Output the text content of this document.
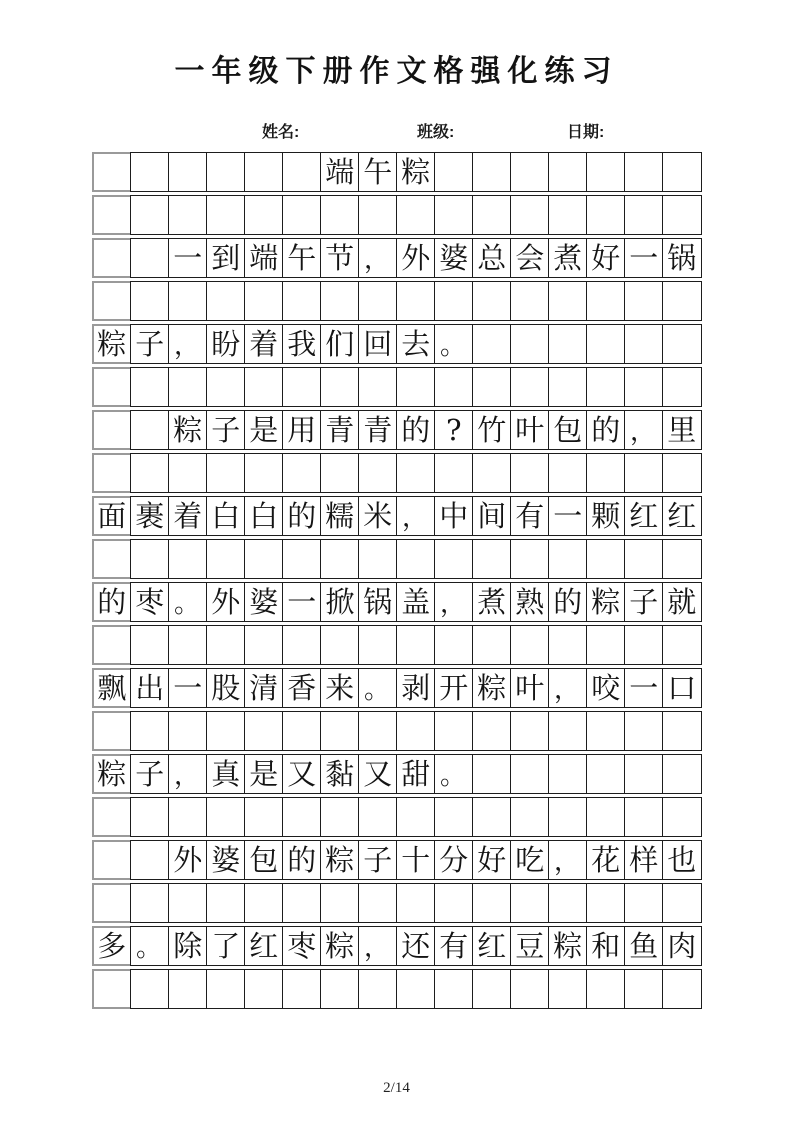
一年级下册作文格强化练习
姓名:	班级:	日期:
端 午 粽
一 到 端 午 节 ， 外 婆 总 会 煮 好 一 锅
粽 子 ， 盼 着 我 们 回 去 。
粽 子 是 用 青 青 的 ? 竹 叶 包 的 ， 里
面 裹 着 白 白 的 糯 米 ， 中 间 有 一 颗 红 红
的 枣 。 外 婆 一 掀 锅 盖 ， 煮 熟 的 粽 子 就
飘 出 一 股 清 香 来 。 剥 开 粽 叶 ， 咬 一 口
粽 子 ， 真 是 又 黏 又 甜 。
外 婆 包 的 粽 子 十 分 好 吃 ， 花 样 也
多 。 除 了 红 枣 粽 ， 还 有 红 豆 粽 和 鱼 肉
2/14
